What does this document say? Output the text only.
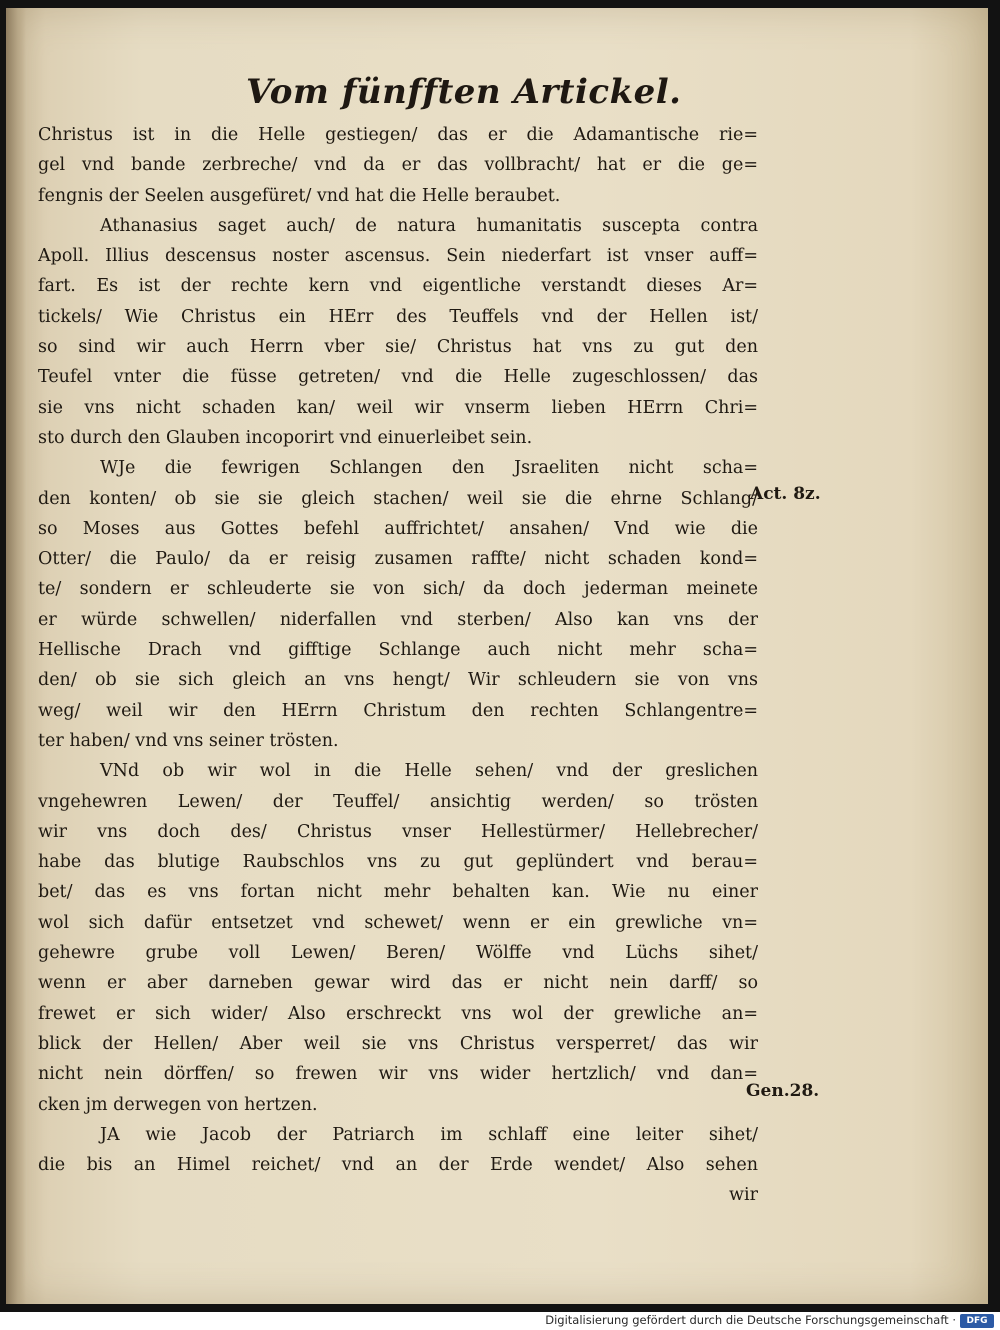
Vom fünfften Artickel.
Christus ist in die Helle gestiegen/ das er die Adamantische rie=
gel vnd bande zerbreche/ vnd da er das vollbracht/ hat er die ge=
fengnis der Seelen ausgefüret/ vnd hat die Helle beraubet.
Athanasius saget auch/ de natura humanitatis suscepta contra
Apoll. Illius descensus noster ascensus. Sein niederfart ist vnser auff=
fart. Es ist der rechte kern vnd eigentliche verstandt dieses Ar=
tickels/ Wie Christus ein HErr des Teuffels vnd der Hellen ist/
so sind wir auch Herrn vber sie/ Christus hat vns zu gut den
Teufel vnter die füsse getreten/ vnd die Helle zugeschlossen/ das
sie vns nicht schaden kan/ weil wir vnserm lieben HErrn Chri=
sto durch den Glauben incoporirt vnd einuerleibet sein.
WJe die fewrigen Schlangen den Jsraeliten nicht scha=
den konten/ ob sie sie gleich stachen/ weil sie die ehrne Schlang/
so Moses aus Gottes befehl auffrichtet/ ansahen/ Vnd wie die
Otter/ die Paulo/ da er reisig zusamen raffte/ nicht schaden kond=
te/ sondern er schleuderte sie von sich/ da doch jederman meinete
er würde schwellen/ niderfallen vnd sterben/ Also kan vns der
Hellische Drach vnd gifftige Schlange auch nicht mehr scha=
den/ ob sie sich gleich an vns hengt/ Wir schleudern sie von vns
weg/ weil wir den HErrn Christum den rechten Schlangentre=
ter haben/ vnd vns seiner trösten.
VNd ob wir wol in die Helle sehen/ vnd der greslichen
vngehewren Lewen/ der Teuffel/ ansichtig werden/ so trösten
wir vns doch des/ Christus vnser Hellestürmer/ Hellebrecher/
habe das blutige Raubschlos vns zu gut geplündert vnd berau=
bet/ das es vns fortan nicht mehr behalten kan. Wie nu einer
wol sich dafür entsetzet vnd schewet/ wenn er ein grewliche vn=
gehewre grube voll Lewen/ Beren/ Wölffe vnd Lüchs sihet/
wenn er aber darneben gewar wird das er nicht nein darff/ so
frewet er sich wider/ Also erschreckt vns wol der grewliche an=
blick der Hellen/ Aber weil sie vns Christus versperret/ das wir
nicht nein dörffen/ so frewen wir vns wider hertzlich/ vnd dan=
cken jm derwegen von hertzen.
JA wie Jacob der Patriarch im schlaff eine leiter sihet/
die bis an Himel reichet/ vnd an der Erde wendet/ Also sehen
wir
Act. 8z.
Gen.28.
Digitalisierung gefördert durch die Deutsche Forschungsgemeinschaft ·	DFG
